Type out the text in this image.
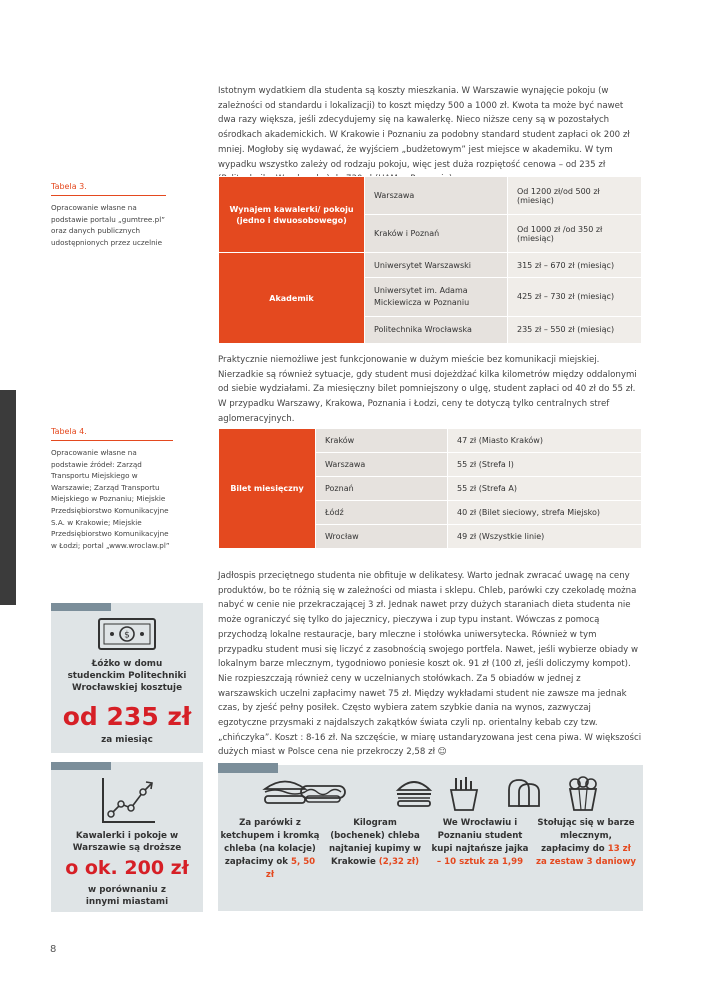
Istotnym wydatkiem dla studenta są koszty mieszkania. W Warszawie wynajęcie pokoju (w zależności od standardu i lokalizacji) to koszt między 500 a 1000 zł. Kwota ta może być nawet dwa razy większa, jeśli zdecydujemy się na kawalerkę. Nieco niższe ceny są w pozostałych ośrodkach akademickich. W Krakowie i Poznaniu za podobny standard student zapłaci ok 200 zł mniej. Mogłoby się wydawać, że wyjściem „budżetowym” jest miejsce w akademiku. W tym wypadku wszystko zależy od rodzaju pokoju, więc jest duża rozpiętość cenowa – od 235 zł

Tabela 3.
Opracowanie własne na podstawie portalu „gumtree.pl” oraz danych publicznych udostępnionych przez uczelnie
Wynajem kawalerki/ pokoju (jedno i dwuosobowego)	Warszawa	Od 1200 zł/od 500 zł (miesiąc)
	Kraków i Poznań	Od 1000 zł /od 350 zł (miesiąc)
Akademik	Uniwersytet Warszawski	315 zł – 670 zł (miesiąc)
	Uniwersytet im. Adama Mickiewicza w Poznaniu	425 zł – 730 zł (miesiąc)
	Politechnika Wrocławska	235 zł – 550 zł (miesiąc)

Praktycznie niemożliwe jest funkcjonowanie w dużym mieście bez komunikacji miejskiej. Nierzadkie są również sytuacje, gdy student musi dojeżdżać kilka kilometrów między oddalonymi od siebie wydziałami. Za miesięczny bilet pomniejszony o ulgę, student zapłaci od 40 zł do 55 zł. W przypadku Warszawy, Krakowa, Poznania i Łodzi, ceny te dotyczą tylko centralnych stref aglomeracyjnych.

Tabela 4.
Opracowanie własne na podstawie źródeł: Zarząd Transportu Miejskiego w Warszawie; Zarząd Transportu Miejskiego w Poznaniu; Miejskie Przedsiębiorstwo Komunikacyjne S.A. w Krakowie; Miejskie Przedsiębiorstwo Komunikacyjne w Łodzi; portal „www.wroclaw.pl”
Bilet miesięczny	Kraków	47 zł (Miasto Kraków)
	Warszawa	55 zł (Strefa I)
	Poznań	55 zł (Strefa A)
	Łódź	40 zł (Bilet sieciowy, strefa Miejsko)
	Wrocław	49 zł (Wszystkie linie)

Jadłospis przeciętnego studenta nie obfituje w delikatesy. Warto jednak zwracać uwagę na ceny produktów, bo te różnią się w zależności od miasta i sklepu. Chleb, parówki czy czekoladę można nabyć w cenie nie przekraczającej 3 zł. Jednak nawet przy dużych staraniach dieta studenta nie może ograniczyć się tylko do jajecznicy, pieczywa i zup typu instant. Wówczas z pomocą przychodzą lokalne restauracje, bary mleczne i stołówka uniwersytecka. Również w tym przypadku student musi się liczyć z zasobnością swojego portfela. Nawet, jeśli wybierze obiady w lokalnym barze mlecznym, tygodniowo poniesie koszt ok. 91 zł (100 zł, jeśli doliczymy kompot). Nie rozpieszczają również ceny w uczelnianych stołówkach. Za 5 obiadów w jednej z warszawskich uczelni zapłacimy nawet 75 zł. Między wykładami student nie zawsze ma jednak czas, by zjeść pełny posiłek. Często wybiera zatem szybkie dania na wynos, zazwyczaj egzotyczne przysmaki z najdalszych zakątków świata czyli np. orientalny kebab czy tzw. „chińczyka”. Koszt : 8-16 zł. Na szczęście, w miarę ustandaryzowana jest cena piwa. W większości dużych miast w Polsce cena nie przekroczy 2,58 zł ☺

$
Łóżko w domu studenckim Politechniki Wrocławskiej kosztuje
od 235 zł
za miesiąc
Kawalerki i pokoje w Warszawie są droższe
o ok. 200 zł
w porównaniu z innymi miastami
Za parówki z ketchupem i kromką chleba (na kolacje) zapłacimy ok 5, 50 zł
Kilogram (bochenek) chleba najtaniej kupimy w Krakowie (2,32 zł)
We Wrocławiu i Poznaniu student kupi najtańsze jajka – 10 sztuk za 1,99
Stołując się w barze mlecznym, zapłacimy do 13 zł za zestaw 3 daniowy
8
